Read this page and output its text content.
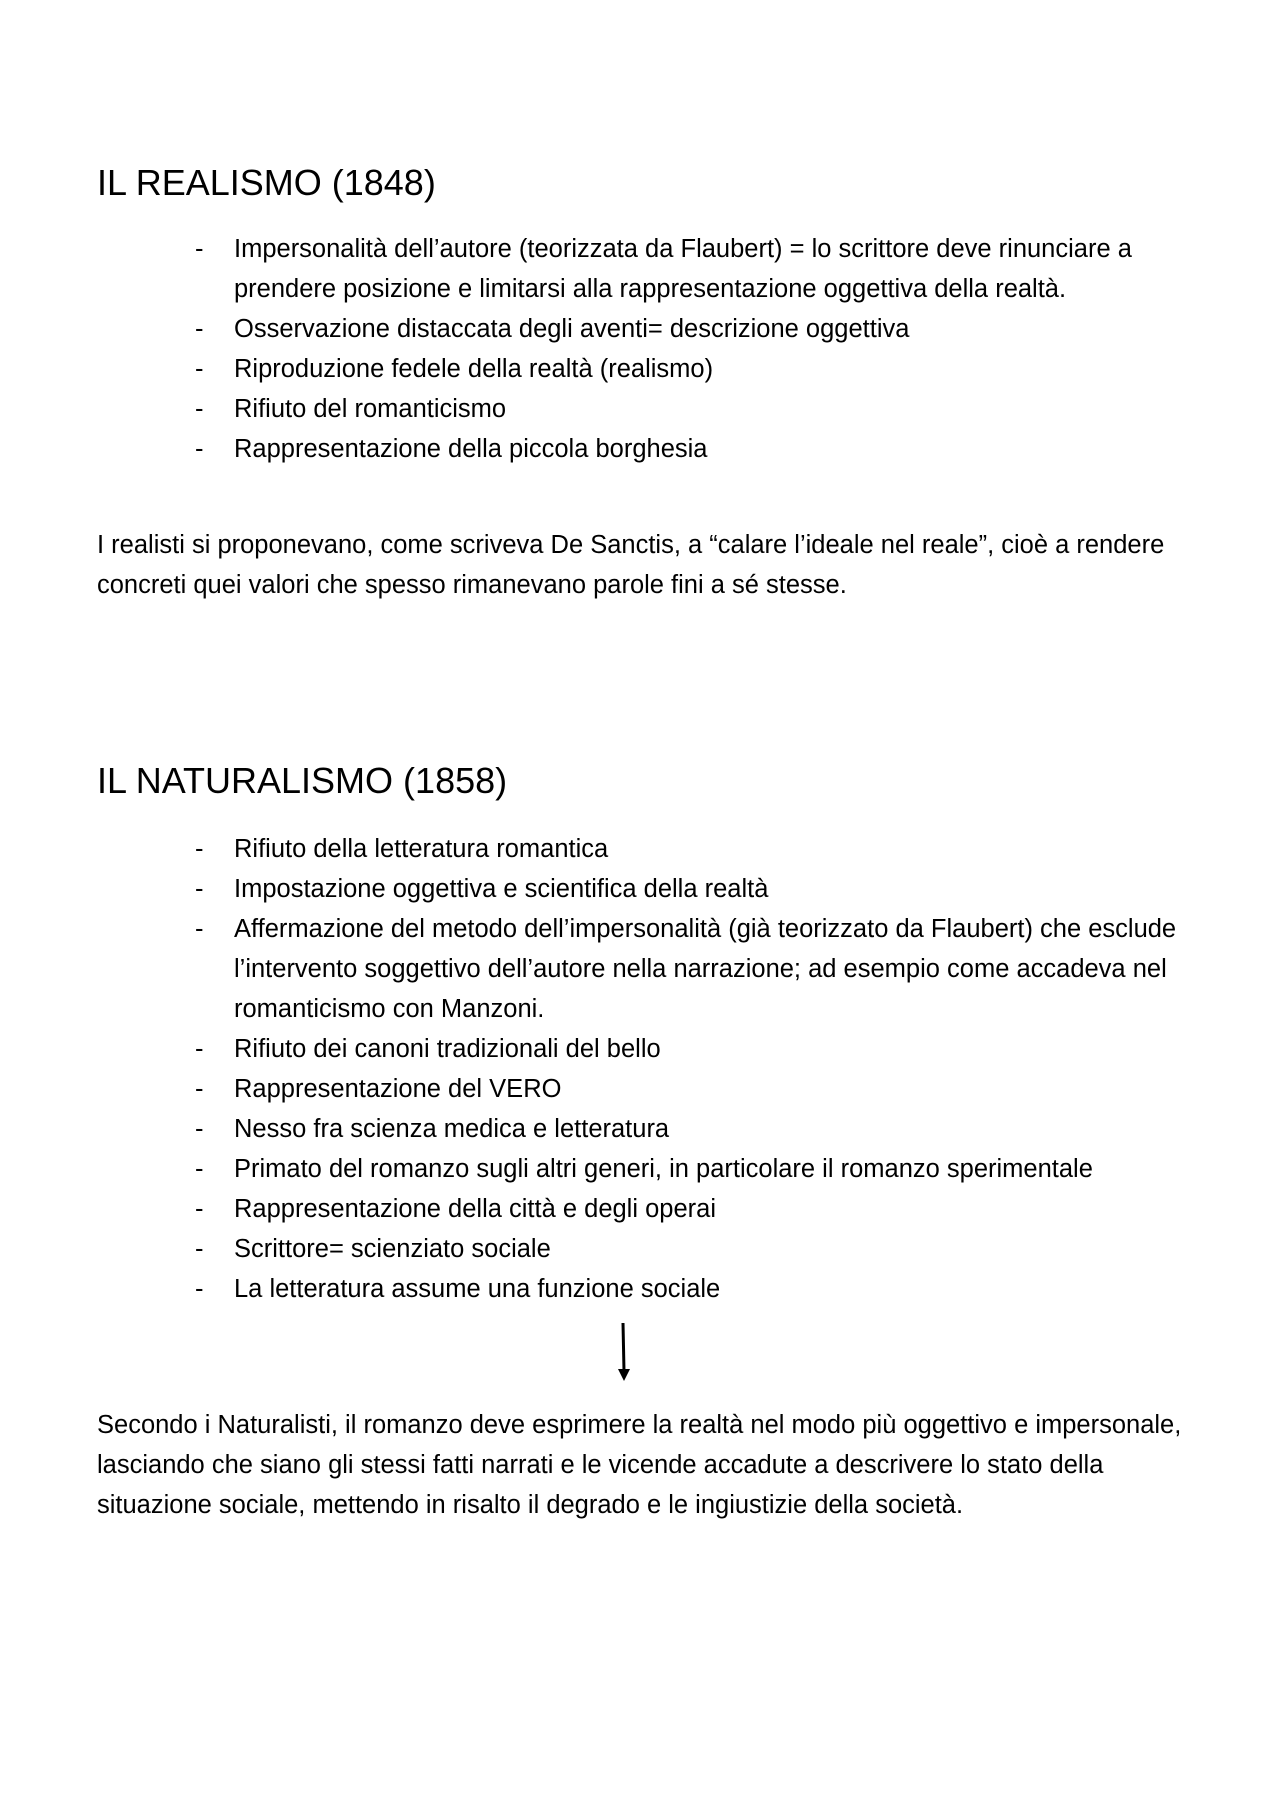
IL REALISMO (1848)
- Impersonalità dell’autore (teorizzata da Flaubert) = lo scrittore deve rinunciare a prendere posizione e limitarsi alla rappresentazione oggettiva della realtà.
- Osservazione distaccata degli aventi= descrizione oggettiva
- Riproduzione fedele della realtà (realismo)
- Rifiuto del romanticismo
- Rappresentazione della piccola borghesia

I realisti si proponevano, come scriveva De Sanctis, a “calare l’ideale nel reale”, cioè a rendere concreti quei valori che spesso rimanevano parole fini a sé stesse.

IL NATURALISMO (1858)
- Rifiuto della letteratura romantica
- Impostazione oggettiva e scientifica della realtà
- Affermazione del metodo dell’impersonalità (già teorizzato da Flaubert) che esclude l’intervento soggettivo dell’autore nella narrazione; ad esempio come accadeva nel romanticismo con Manzoni.
- Rifiuto dei canoni tradizionali del bello
- Rappresentazione del VERO
- Nesso fra scienza medica e letteratura
- Primato del romanzo sugli altri generi, in particolare il romanzo sperimentale
- Rappresentazione della città e degli operai
- Scrittore= scienziato sociale
- La letteratura assume una funzione sociale

Secondo i Naturalisti, il romanzo deve esprimere la realtà nel modo più oggettivo e impersonale, lasciando che siano gli stessi fatti narrati e le vicende accadute a descrivere lo stato della situazione sociale, mettendo in risalto il degrado e le ingiustizie della società.
